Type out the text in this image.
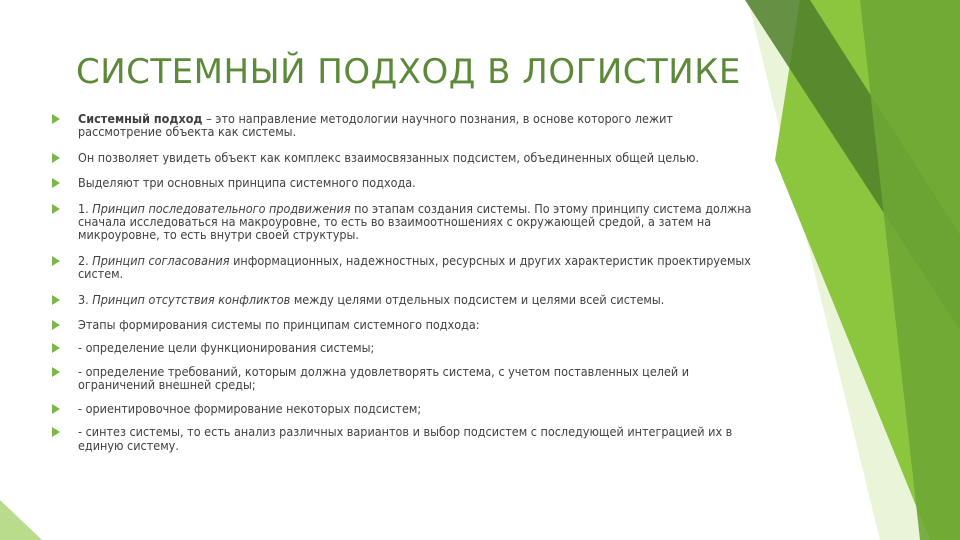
СИСТЕМНЫЙ ПОДХОД В ЛОГИСТИКЕ
Системный подход – это направление методологии научного познания, в основе которого лежит рассмотрение объекта как системы.
Он позволяет увидеть объект как комплекс взаимосвязанных подсистем, объединенных общей целью.
Выделяют три основных принципа системного подхода.
1. Принцип последовательного продвижения по этапам создания системы. По этому принципу система должна сначала исследоваться на макроуровне, то есть во взаимоотношениях с окружающей средой, а затем на микроуровне, то есть внутри своей структуры.
2. Принцип согласования информационных, надежностных, ресурсных и других характеристик проектируемых систем.
3. Принцип отсутствия конфликтов между целями отдельных подсистем и целями всей системы.
Этапы формирования системы по принципам системного подхода:
- определение цели функционирования системы;
- определение требований, которым должна удовлетворять система, с учетом поставленных целей и ограничений внешней среды;
- ориентировочное формирование некоторых подсистем;
- синтез системы, то есть анализ различных вариантов и выбор подсистем с последующей интеграцией их в единую систему.
